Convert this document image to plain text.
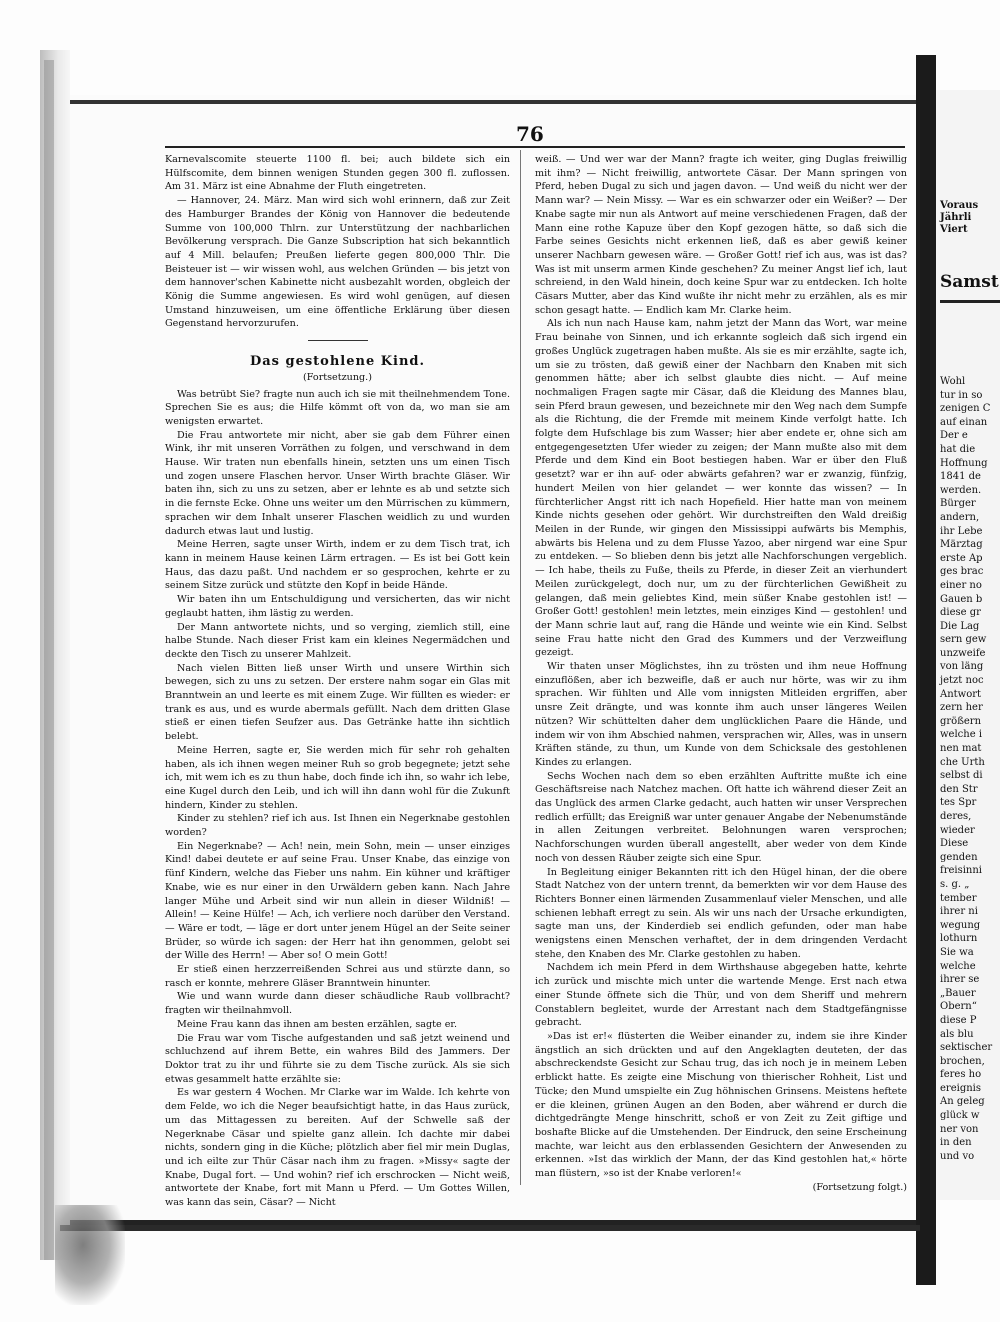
76

Karnevalscomite steuerte 1100 fl. bei; auch bildete sich ein Hülfscomite, dem binnen wenigen Stunden gegen 300 fl. zuflossen. Am 31. März ist eine Abnahme der Fluth eingetreten.

— Hannover, 24. März. Man wird sich wohl erinnern, daß zur Zeit des Hamburger Brandes der König von Hannover die bedeutende Summe von 100,000 Thlrn. zur Unterstützung der nachbarlichen Bevölkerung versprach. Die Ganze Subscription hat sich bekanntlich auf 4 Mill. belaufen; Preußen lieferte gegen 800,000 Thlr. Die Beisteuer ist — wir wissen wohl, aus welchen Gründen — bis jetzt von dem hannover'schen Kabinette nicht ausbezahlt worden, obgleich der König die Summe angewiesen. Es wird wohl genügen, auf diesen Umstand hinzuweisen, um eine öffentliche Erklärung über diesen Gegenstand hervorzurufen.

Das gestohlene Kind.
(Fortsetzung.)

Was betrübt Sie? fragte nun auch ich sie mit theilnehmendem Tone. Sprechen Sie es aus; die Hilfe kömmt oft von da, wo man sie am wenigsten erwartet.

Die Frau antwortete mir nicht, aber sie gab dem Führer einen Wink, ihr mit unseren Vorräthen zu folgen, und verschwand in dem Hause. Wir traten nun ebenfalls hinein, setzten uns um einen Tisch und zogen unsere Flaschen hervor. Unser Wirth brachte Gläser. Wir baten ihn, sich zu uns zu setzen, aber er lehnte es ab und setzte sich in die fernste Ecke. Ohne uns weiter um den Mürrischen zu kümmern, sprachen wir dem Inhalt unserer Flaschen weidlich zu und wurden dadurch etwas laut und lustig.

Meine Herren, sagte unser Wirth, indem er zu dem Tisch trat, ich kann in meinem Hause keinen Lärm ertragen. — Es ist bei Gott kein Haus, das dazu paßt. Und nachdem er so gesprochen, kehrte er zu seinem Sitze zurück und stützte den Kopf in beide Hände.

Wir baten ihn um Entschuldigung und versicherten, das wir nicht geglaubt hatten, ihm lästig zu werden.

Der Mann antwortete nichts, und so verging, ziemlich still, eine halbe Stunde. Nach dieser Frist kam ein kleines Negermädchen und deckte den Tisch zu unserer Mahlzeit.

Nach vielen Bitten ließ unser Wirth und unsere Wirthin sich bewegen, sich zu uns zu setzen. Der erstere nahm sogar ein Glas mit Branntwein an und leerte es mit einem Zuge. Wir füllten es wieder: er trank es aus, und es wurde abermals gefüllt. Nach dem dritten Glase stieß er einen tiefen Seufzer aus. Das Getränke hatte ihn sichtlich belebt.

Meine Herren, sagte er, Sie werden mich für sehr roh gehalten haben, als ich ihnen wegen meiner Ruh so grob begegnete; jetzt sehe ich, mit wem ich es zu thun habe, doch finde ich ihn, so wahr ich lebe, eine Kugel durch den Leib, und ich will ihn dann wohl für die Zukunft hindern, Kinder zu stehlen.

Kinder zu stehlen? rief ich aus. Ist Ihnen ein Negerknabe gestohlen worden?

Ein Negerknabe? — Ach! nein, mein Sohn, mein — unser einziges Kind! dabei deutete er auf seine Frau. Unser Knabe, das einzige von fünf Kindern, welche das Fieber uns nahm. Ein kühner und kräftiger Knabe, wie es nur einer in den Urwäldern geben kann. Nach Jahre langer Mühe und Arbeit sind wir nun allein in dieser Wildniß! — Allein! — Keine Hülfe! — Ach, ich verliere noch darüber den Verstand. — Wäre er todt, — läge er dort unter jenem Hügel an der Seite seiner Brüder, so würde ich sagen: der Herr hat ihn genommen, gelobt sei der Wille des Herrn! — Aber so! O mein Gott!

Er stieß einen herzzerreißenden Schrei aus und stürzte dann, so rasch er konnte, mehrere Gläser Branntwein hinunter.

Wie und wann wurde dann dieser schäudliche Raub vollbracht? fragten wir theilnahmvoll.

Meine Frau kann das ihnen am besten erzählen, sagte er.

Die Frau war vom Tische aufgestanden und saß jetzt weinend und schluchzend auf ihrem Bette, ein wahres Bild des Jammers. Der Doktor trat zu ihr und führte sie zu dem Tische zurück. Als sie sich etwas gesammelt hatte erzählte sie:

Es war gestern 4 Wochen. Mr Clarke war im Walde. Ich kehrte von dem Felde, wo ich die Neger beaufsichtigt hatte, in das Haus zurück, um das Mittagessen zu bereiten. Auf der Schwelle saß der Negerknabe Cäsar und spielte ganz allein. Ich dachte mir dabei nichts, sondern ging in die Küche; plötzlich aber fiel mir mein Duglas, und ich eilte zur Thür Cäsar nach ihm zu fragen. »Missy« sagte der Knabe, Dugal fort. — Und wohin? rief ich erschrocken — Nicht weiß, antwortete der Knabe, fort mit Mann u Pferd. — Um Gottes Willen, was kann das sein, Cäsar? — Nicht

weiß. — Und wer war der Mann? fragte ich weiter, ging Duglas freiwillig mit ihm? — Nicht freiwillig, antwortete Cäsar. Der Mann springen von Pferd, heben Dugal zu sich und jagen davon. — Und weiß du nicht wer der Mann war? — Nein Missy. — War es ein schwarzer oder ein Weißer? — Der Knabe sagte mir nun als Antwort auf meine verschiedenen Fragen, daß der Mann eine rothe Kapuze über den Kopf gezogen hätte, so daß sich die Farbe seines Gesichts nicht erkennen ließ, daß es aber gewiß keiner unserer Nachbarn gewesen wäre. — Großer Gott! rief ich aus, was ist das? Was ist mit unserm armen Kinde geschehen? Zu meiner Angst lief ich, laut schreiend, in den Wald hinein, doch keine Spur war zu entdecken. Ich holte Cäsars Mutter, aber das Kind wußte ihr nicht mehr zu erzählen, als es mir schon gesagt hatte. — Endlich kam Mr. Clarke heim.

Als ich nun nach Hause kam, nahm jetzt der Mann das Wort, war meine Frau beinahe von Sinnen, und ich erkannte sogleich daß sich irgend ein großes Unglück zugetragen haben mußte. Als sie es mir erzählte, sagte ich, um sie zu trösten, daß gewiß einer der Nachbarn den Knaben mit sich genommen hätte; aber ich selbst glaubte dies nicht. — Auf meine nochmaligen Fragen sagte mir Cäsar, daß die Kleidung des Mannes blau, sein Pferd braun gewesen, und bezeichnete mir den Weg nach dem Sumpfe als die Richtung, die der Fremde mit meinem Kinde verfolgt hatte. Ich folgte dem Hufschlage bis zum Wasser; hier aber endete er, ohne sich am entgegengesetzten Ufer wieder zu zeigen; der Mann mußte also mit dem Pferde und dem Kind ein Boot bestiegen haben. War er über den Fluß gesetzt? war er ihn auf- oder abwärts gefahren? war er zwanzig, fünfzig, hundert Meilen von hier gelandet — wer konnte das wissen? — In fürchterlicher Angst ritt ich nach Hopefield. Hier hatte man von meinem Kinde nichts gesehen oder gehört. Wir durchstreiften den Wald dreißig Meilen in der Runde, wir gingen den Mississippi aufwärts bis Memphis, abwärts bis Helena und zu dem Flusse Yazoo, aber nirgend war eine Spur zu entdeken. — So blieben denn bis jetzt alle Nachforschungen vergeblich. — Ich habe, theils zu Fuße, theils zu Pferde, in dieser Zeit an vierhundert Meilen zurückgelegt, doch nur, um zu der fürchterlichen Gewißheit zu gelangen, daß mein geliebtes Kind, mein süßer Knabe gestohlen ist! — Großer Gott! gestohlen! mein letztes, mein einziges Kind — gestohlen! und der Mann schrie laut auf, rang die Hände und weinte wie ein Kind. Selbst seine Frau hatte nicht den Grad des Kummers und der Verzweiflung gezeigt.

Wir thaten unser Möglichstes, ihn zu trösten und ihm neue Hoffnung einzuflößen, aber ich bezweifle, daß er auch nur hörte, was wir zu ihm sprachen. Wir fühlten und Alle vom innigsten Mitleiden ergriffen, aber unsre Zeit drängte, und was konnte ihm auch unser längeres Weilen nützen? Wir schüttelten daher dem unglücklichen Paare die Hände, und indem wir von ihm Abschied nahmen, versprachen wir, Alles, was in unsern Kräften stände, zu thun, um Kunde von dem Schicksale des gestohlenen Kindes zu erlangen.

Sechs Wochen nach dem so eben erzählten Auftritte mußte ich eine Geschäftsreise nach Natchez machen. Oft hatte ich während dieser Zeit an das Unglück des armen Clarke gedacht, auch hatten wir unser Versprechen redlich erfüllt; das Ereigniß war unter genauer Angabe der Nebenumstände in allen Zeitungen verbreitet. Belohnungen waren versprochen; Nachforschungen wurden überall angestellt, aber weder von dem Kinde noch von dessen Räuber zeigte sich eine Spur.

In Begleitung einiger Bekannten ritt ich den Hügel hinan, der die obere Stadt Natchez von der untern trennt, da bemerkten wir vor dem Hause des Richters Bonner einen lärmenden Zusammenlauf vieler Menschen, und alle schienen lebhaft erregt zu sein. Als wir uns nach der Ursache erkundigten, sagte man uns, der Kinderdieb sei endlich gefunden, oder man habe wenigstens einen Menschen verhaftet, der in dem dringenden Verdacht stehe, den Knaben des Mr. Clarke gestohlen zu haben.

Nachdem ich mein Pferd in dem Wirthshause abgegeben hatte, kehrte ich zurück und mischte mich unter die wartende Menge. Erst nach etwa einer Stunde öffnete sich die Thür, und von dem Sheriff und mehrern Constablern begleitet, wurde der Arrestant nach dem Stadtgefängnisse gebracht.

»Das ist er!« flüsterten die Weiber einander zu, indem sie ihre Kinder ängstlich an sich drückten und auf den Angeklagten deuteten, der das abschreckendste Gesicht zur Schau trug, das ich noch je in meinem Leben erblickt hatte. Es zeigte eine Mischung von thierischer Rohheit, List und Tücke; den Mund umspielte ein Zug höhnischen Grinsens. Meistens heftete er die kleinen, grünen Augen an den Boden, aber während er durch die dichtgedrängte Menge hinschritt, schoß er von Zeit zu Zeit giftige und boshafte Blicke auf die Umstehenden. Der Eindruck, den seine Erscheinung machte, war leicht aus den erblassenden Gesichtern der Anwesenden zu erkennen. »Ist das wirklich der Mann, der das Kind gestohlen hat,« hörte man flüstern, »so ist der Knabe verloren!«

(Fortsetzung folgt.)
Voraus
Jährli
Viert
Samst
Wohl
tur in so
zenigen C
auf einan
Der e
hat die
Hoffnung
1841 de
werden.
Bürger
andern,
ihr Lebe
Märztag
erste Ap
ges brac
einer no
Gauen b
diese gr
Die Lag
sern gew
unzweife
von läng
jetzt noc
Antwort
zern her
größern
welche i
nen mat
che Urth
selbst di
den Str
tes Spr
deres,
wieder
Diese
genden
freisinni
s. g. „
tember
ihrer ni
wegung
lothurn
Sie wa
welche
ihrer se
„Bauer
Obern“
diese P
als blu
sektischer
brochen,
feres ho
ereignis
An geleg
glück w
ner von
in den
und vo
